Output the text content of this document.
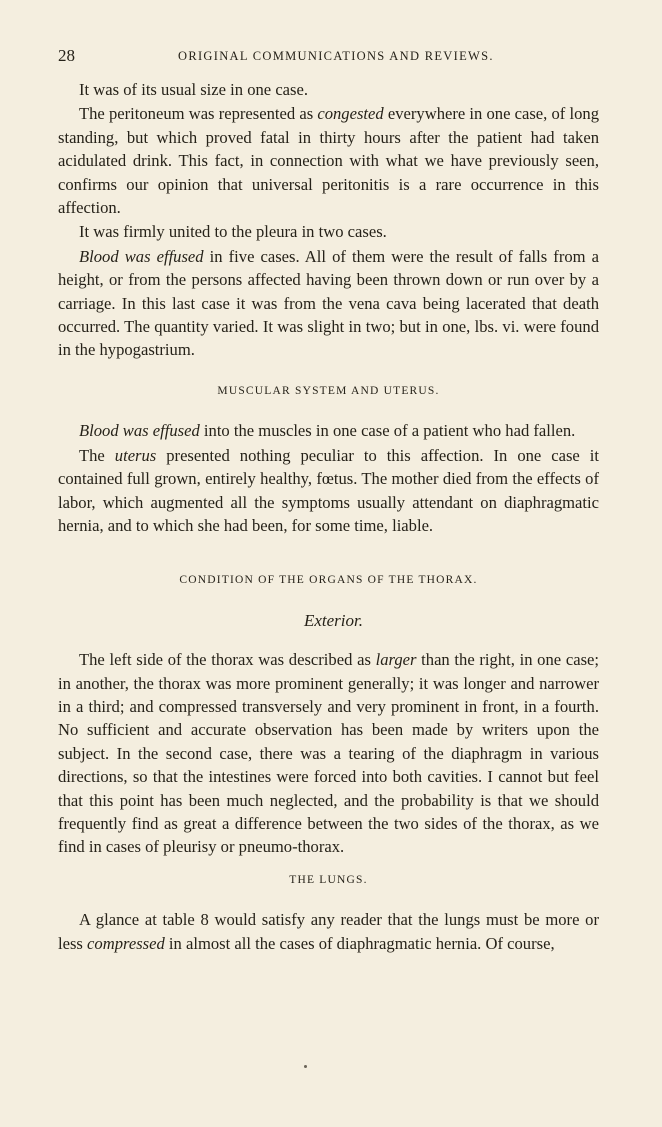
28	ORIGINAL COMMUNICATIONS AND REVIEWS.

It was of its usual size in one case.

The peritoneum was represented as congested everywhere in one case, of long standing, but which proved fatal in thirty hours after the patient had taken acidulated drink. This fact, in connection with what we have previously seen, confirms our opinion that universal peritonitis is a rare occurrence in this affection.

It was firmly united to the pleura in two cases.

Blood was effused in five cases. All of them were the result of falls from a height, or from the persons affected having been thrown down or run over by a carriage. In this last case it was from the vena cava being lacerated that death occurred. The quantity varied. It was slight in two; but in one, lbs. vi. were found in the hypogastrium.

MUSCULAR SYSTEM AND UTERUS.

Blood was effused into the muscles in one case of a patient who had fallen.

The uterus presented nothing peculiar to this affection. In one case it contained full grown, entirely healthy, fœtus. The mother died from the effects of labor, which augmented all the symptoms usually attendant on diaphragmatic hernia, and to which she had been, for some time, liable.

CONDITION OF THE ORGANS OF THE THORAX.
Exterior.

The left side of the thorax was described as larger than the right, in one case; in another, the thorax was more prominent generally; it was longer and narrower in a third; and compressed transversely and very prominent in front, in a fourth. No sufficient and accurate observation has been made by writers upon the subject. In the second case, there was a tearing of the diaphragm in various directions, so that the intestines were forced into both cavities. I cannot but feel that this point has been much neglected, and the probability is that we should frequently find as great a difference between the two sides of the thorax, as we find in cases of pleurisy or pneumo-thorax.

THE LUNGS.

A glance at table 8 would satisfy any reader that the lungs must be more or less compressed in almost all the cases of diaphragmatic hernia. Of course,
